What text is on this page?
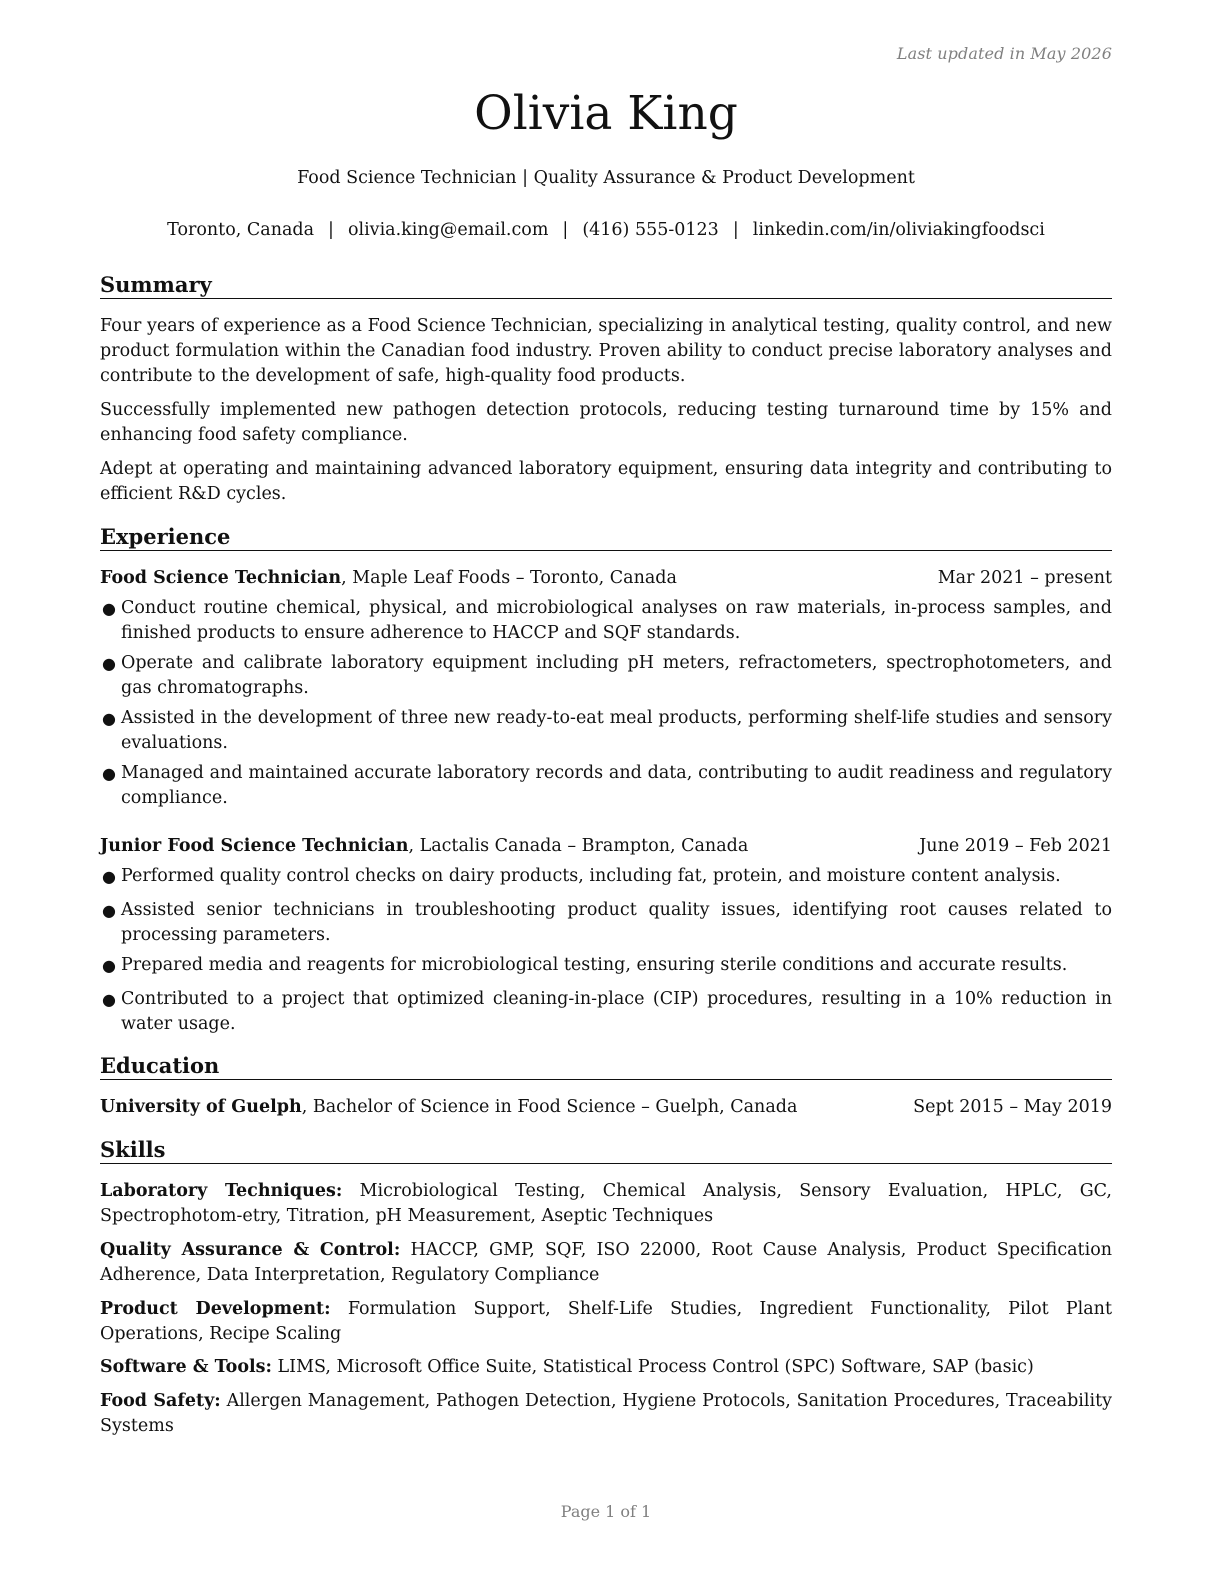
Last updated in May 2026
Olivia King
Food Science Technician | Quality Assurance & Product Development
Toronto, Canada | olivia.king@email.com | (416) 555-0123 | linkedin.com/in/oliviakingfoodsci
Summary
Four years of experience as a Food Science Technician, specializing in analytical testing, quality control, and new product formulation within the Canadian food industry. Proven ability to conduct precise laboratory analyses and contribute to the development of safe, high-quality food products.
Successfully implemented new pathogen detection protocols, reducing testing turnaround time by 15% and enhancing food safety compliance.
Adept at operating and maintaining advanced laboratory equipment, ensuring data integrity and contributing to efficient R&D cycles.
Experience
Food Science Technician, Maple Leaf Foods – Toronto, Canada	Mar 2021 – present
● Conduct routine chemical, physical, and microbiological analyses on raw materials, in-process samples, and finished products to ensure adherence to HACCP and SQF standards.
● Operate and calibrate laboratory equipment including pH meters, refractometers, spectrophotometers, and gas chromatographs.
● Assisted in the development of three new ready-to-eat meal products, performing shelf-life studies and sensory evaluations.
● Managed and maintained accurate laboratory records and data, contributing to audit readiness and regulatory compliance.
Junior Food Science Technician, Lactalis Canada – Brampton, Canada	June 2019 – Feb 2021
● Performed quality control checks on dairy products, including fat, protein, and moisture content analysis.
● Assisted senior technicians in troubleshooting product quality issues, identifying root causes related to processing parameters.
● Prepared media and reagents for microbiological testing, ensuring sterile conditions and accurate results.
● Contributed to a project that optimized cleaning-in-place (CIP) procedures, resulting in a 10% reduction in water usage.
Education
University of Guelph, Bachelor of Science in Food Science – Guelph, Canada	Sept 2015 – May 2019
Skills
Laboratory Techniques: Microbiological Testing, Chemical Analysis, Sensory Evaluation, HPLC, GC, Spectrophotom-etry, Titration, pH Measurement, Aseptic Techniques
Quality Assurance & Control: HACCP, GMP, SQF, ISO 22000, Root Cause Analysis, Product Specification Adherence, Data Interpretation, Regulatory Compliance
Product Development: Formulation Support, Shelf-Life Studies, Ingredient Functionality, Pilot Plant Operations, Recipe Scaling
Software & Tools: LIMS, Microsoft Office Suite, Statistical Process Control (SPC) Software, SAP (basic)
Food Safety: Allergen Management, Pathogen Detection, Hygiene Protocols, Sanitation Procedures, Traceability Systems
Page 1 of 1
